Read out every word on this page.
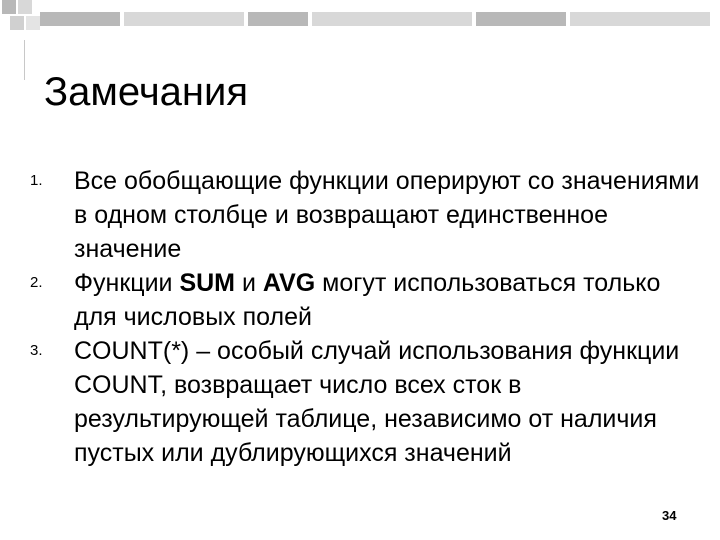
Замечания
1. Все обобщающие функции оперируют со значениями в одном столбце и возвращают единственное значение
2. Функции SUM и AVG могут использоваться только для числовых полей
3. COUNT(*) – особый случай использования функции COUNT, возвращает число всех сток в результирующей таблице, независимо от наличия пустых или дублирующихся значений
34
